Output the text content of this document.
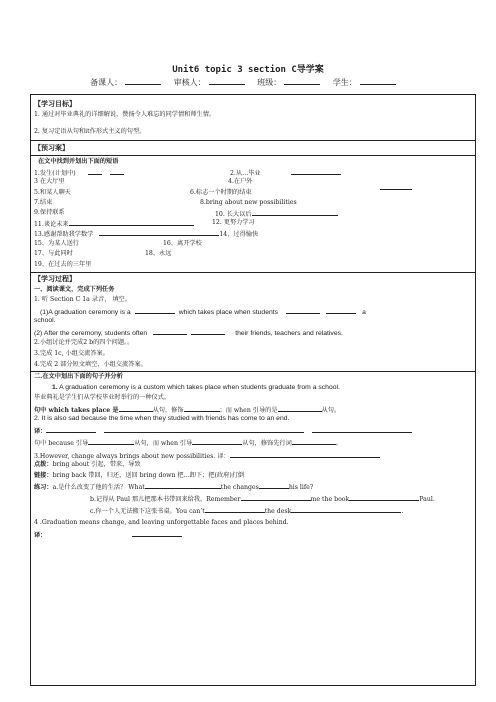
Unit6 topic 3 section C导学案
备课人：	审核人：	班级：	学生：
【学习目标】
1. 通过对毕业典礼的详细解说，赞扬令人难忘的同学情和师生情。
2. 复习定语从句和it作形式主义的句型。
【预习案】
在文中找到并划出下面的短语
1.发生(计划中)	2.从…毕业
3 在大厅里	4.在户外
5.和某人聊天	6.标志一个时期的结束
7.结束	8.bring about new possibilities
9.保持联系	10. 长大以后
11.谈论未来	12. 更努力学习
13.感谢帮助我学数学	14、过得愉快
15、为某人送行	16、离开学校
17、与此同时	18、永远
19、在过去的三年里
【学习过程】
一、阅读课文，完成下列任务
1. 听 Section C 1a 录音， 填空。
(1)A graduation ceremony is a	which takes place when students	a
school.
(2) After the ceremony, students often	their friends, teachers and relatives.
2.小组讨论并完成2 b的四个问题。。
3.完成 1c, 小组交流答案。
4.完成 2 部分短文填空，小组交流答案。
二.在文中划出下面的句子并分析
1. A graduation ceremony is a custom which takes place when students graduate from a school.
毕业典礼是学生们从学校毕业时举行的一种仪式。
句中 which takes place 是	从句，修饰	；而 when 引导的是	从句。
2. It is also sad because the time when they studied with friends has come to an end.
译：
句中 because 引导	从句，而 when 引导	从句，修饰先行词	。
3.However, change always brings about new possibilities. 译：
点拨：bring about 引起，带来，导致
链接：bring back 带回，归还，送回 bring down 把…卸下；把(政府)打倒
练习：a.是什么改变了他的生活？ What	the changes	his life?
b.记得从 Paul 那儿把那本书带回来给我。Remember	me the book	Paul.
c.你一个人无法搬下这张书桌。You can’t	the desk	.
4 .Graduation means change, and leaving unforgettable faces and places behind.
译：
